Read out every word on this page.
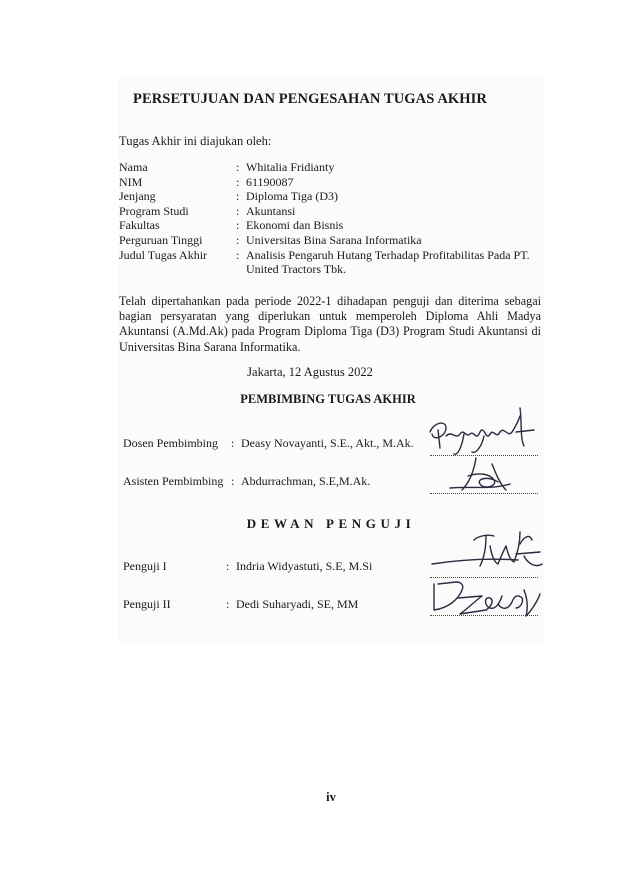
PERSETUJUAN DAN PENGESAHAN TUGAS AKHIR
Tugas Akhir ini diajukan oleh:
Nama	: Whitalia Fridianty
NIM	: 61190087
Jenjang	: Diploma Tiga (D3)
Program Studi	: Akuntansi
Fakultas	: Ekonomi dan Bisnis
Perguruan Tinggi	: Universitas Bina Sarana Informatika
Judul Tugas Akhir : Analisis Pengaruh Hutang Terhadap Profitabilitas Pada PT. United Tractors Tbk.
Telah dipertahankan pada periode 2022-1 dihadapan penguji dan diterima sebagai
bagian persyaratan yang diperlukan untuk memperoleh Diploma Ahli Madya
Akuntansi (A.Md.Ak) pada Program Diploma Tiga (D3) Program Studi Akuntansi di
Universitas Bina Sarana Informatika.
Jakarta, 12 Agustus 2022
PEMBIMBING TUGAS AKHIR
Dosen Pembimbing : Deasy Novayanti, S.E., Akt., M.Ak.
Asisten Pembimbing : Abdurrachman, S.E,M.Ak.
DEWAN PENGUJI
Penguji I	: Indria Widyastuti, S.E, M.Si
Penguji II	: Dedi Suharyadi, SE, MM
iv
